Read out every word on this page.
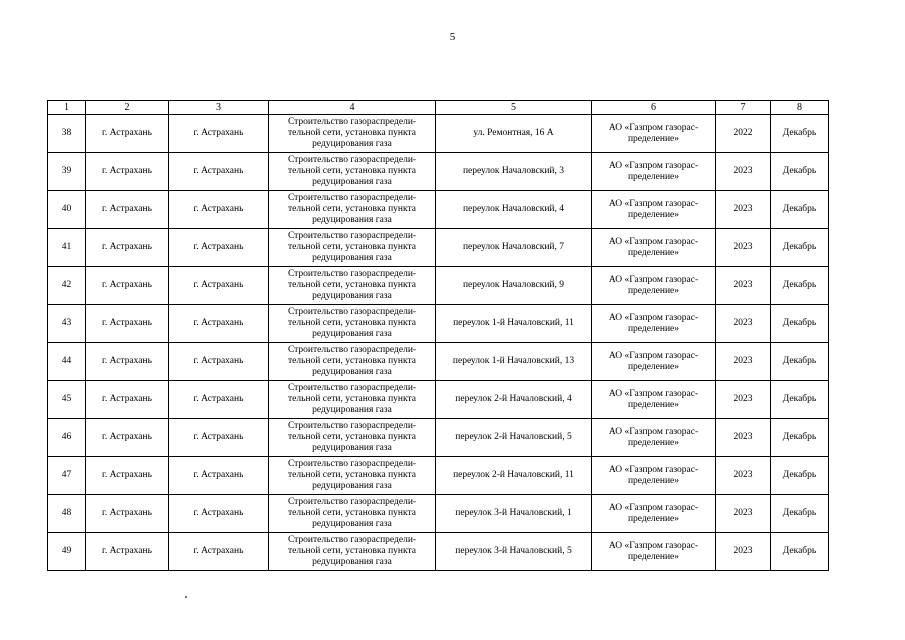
5
1	2	3	4	5	6	7	8
38	г. Астрахань	г. Астрахань	Строительство газораспредели-
тельной сети, установка пункта
редуцирования газа	ул. Ремонтная, 16 А	АО «Газпром газорас-
пределение»	2022	Декабрь
39	г. Астрахань	г. Астрахань	Строительство газораспредели-
тельной сети, установка пункта
редуцирования газа	переулок Началовский, 3	АО «Газпром газорас-
пределение»	2023	Декабрь
40	г. Астрахань	г. Астрахань	Строительство газораспредели-
тельной сети, установка пункта
редуцирования газа	переулок Началовский, 4	АО «Газпром газорас-
пределение»	2023	Декабрь
41	г. Астрахань	г. Астрахань	Строительство газораспредели-
тельной сети, установка пункта
редуцирования газа	переулок Началовский, 7	АО «Газпром газорас-
пределение»	2023	Декабрь
42	г. Астрахань	г. Астрахань	Строительство газораспредели-
тельной сети, установка пункта
редуцирования газа	переулок Началовский, 9	АО «Газпром газорас-
пределение»	2023	Декабрь
43	г. Астрахань	г. Астрахань	Строительство газораспредели-
тельной сети, установка пункта
редуцирования газа	переулок 1-й Началовский, 11	АО «Газпром газорас-
пределение»	2023	Декабрь
44	г. Астрахань	г. Астрахань	Строительство газораспредели-
тельной сети, установка пункта
редуцирования газа	переулок 1-й Началовский, 13	АО «Газпром газорас-
пределение»	2023	Декабрь
45	г. Астрахань	г. Астрахань	Строительство газораспредели-
тельной сети, установка пункта
редуцирования газа	переулок 2-й Началовский, 4	АО «Газпром газорас-
пределение»	2023	Декабрь
46	г. Астрахань	г. Астрахань	Строительство газораспредели-
тельной сети, установка пункта
редуцирования газа	переулок 2-й Началовский, 5	АО «Газпром газорас-
пределение»	2023	Декабрь
47	г. Астрахань	г. Астрахань	Строительство газораспредели-
тельной сети, установка пункта
редуцирования газа	переулок 2-й Началовский, 11	АО «Газпром газорас-
пределение»	2023	Декабрь
48	г. Астрахань	г. Астрахань	Строительство газораспредели-
тельной сети, установка пункта
редуцирования газа	переулок 3-й Началовский, 1	АО «Газпром газорас-
пределение»	2023	Декабрь
49	г. Астрахань	г. Астрахань	Строительство газораспредели-
тельной сети, установка пункта
редуцирования газа	переулок 3-й Началовский, 5	АО «Газпром газорас-
пределение»	2023	Декабрь
